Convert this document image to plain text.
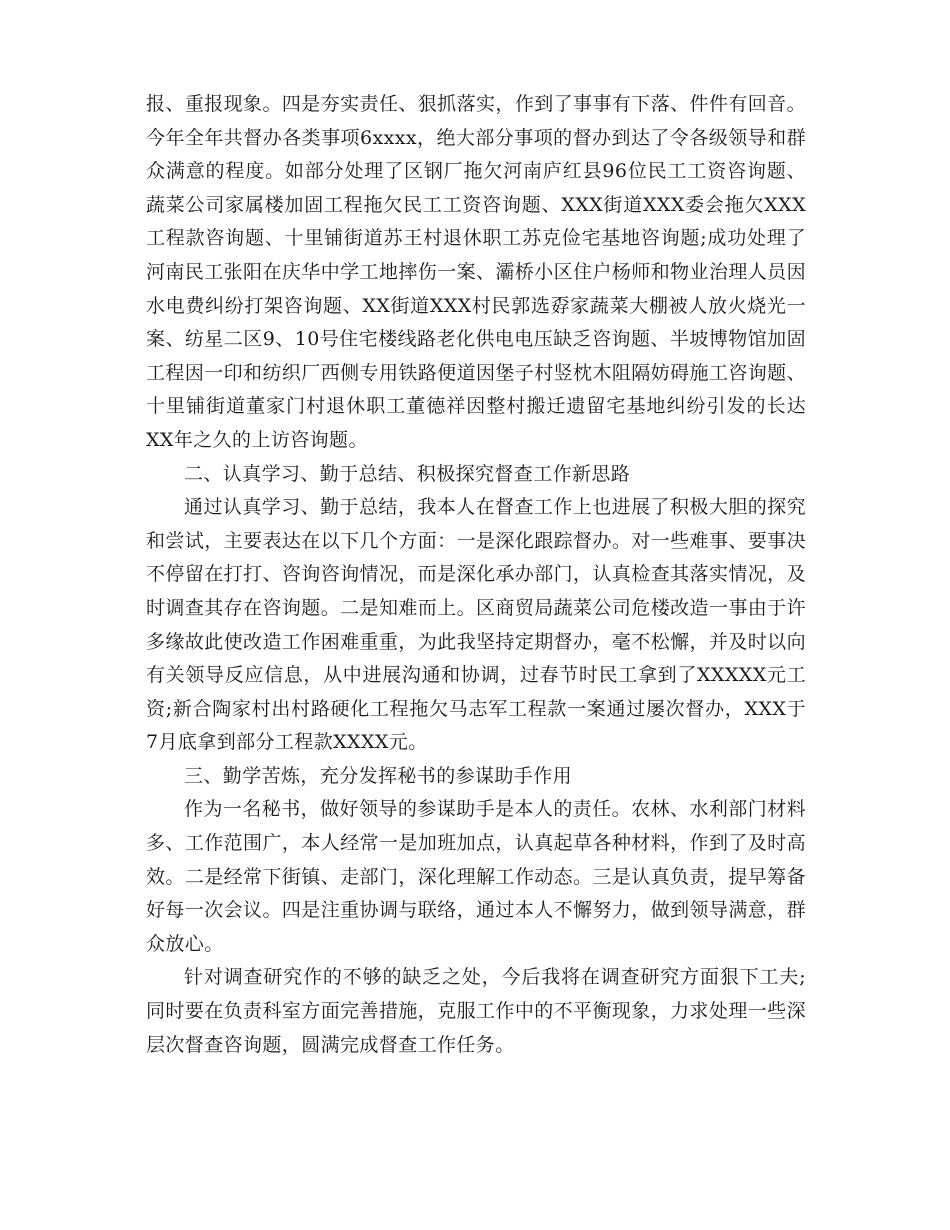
报、重报现象。四是夯实责任、狠抓落实，作到了事事有下落、件件有回音。今年全年共督办各类事项6xxxx，绝大部分事项的督办到达了令各级领导和群众满意的程度。如部分处理了区钢厂拖欠河南庐红县96位民工工资咨询题、蔬菜公司家属楼加固工程拖欠民工工资咨询题、XXX街道XXX委会拖欠XXX工程款咨询题、十里铺街道苏王村退休职工苏克俭宅基地咨询题;成功处理了河南民工张阳在庆华中学工地摔伤一案、灞桥小区住户杨师和物业治理人员因水电费纠纷打架咨询题、XX街道XXX村民郭选孬家蔬菜大棚被人放火烧光一案、纺星二区9、10号住宅楼线路老化供电电压缺乏咨询题、半坡博物馆加固工程因一印和纺织厂西侧专用铁路便道因堡子村竖枕木阻隔妨碍施工咨询题、十里铺街道董家门村退休职工董德祥因整村搬迁遗留宅基地纠纷引发的长达XX年之久的上访咨询题。

二、认真学习、勤于总结、积极探究督查工作新思路

通过认真学习、勤于总结，我本人在督查工作上也进展了积极大胆的探究和尝试，主要表达在以下几个方面：一是深化跟踪督办。对一些难事、要事决不停留在打打、咨询咨询情况，而是深化承办部门，认真检查其落实情况，及时调查其存在咨询题。二是知难而上。区商贸局蔬菜公司危楼改造一事由于许多缘故此使改造工作困难重重，为此我坚持定期督办，毫不松懈，并及时以向有关领导反应信息，从中进展沟通和协调，过春节时民工拿到了XXXXX元工资;新合陶家村出村路硬化工程拖欠马志军工程款一案通过屡次督办，XXX于7月底拿到部分工程款XXXX元。

三、勤学苦炼，充分发挥秘书的参谋助手作用

作为一名秘书，做好领导的参谋助手是本人的责任。农林、水利部门材料多、工作范围广，本人经常一是加班加点，认真起草各种材料，作到了及时高效。二是经常下街镇、走部门，深化理解工作动态。三是认真负责，提早筹备好每一次会议。四是注重协调与联络，通过本人不懈努力，做到领导满意，群众放心。

针对调查研究作的不够的缺乏之处，今后我将在调查研究方面狠下工夫;同时要在负责科室方面完善措施，克服工作中的不平衡现象，力求处理一些深层次督查咨询题，圆满完成督查工作任务。
